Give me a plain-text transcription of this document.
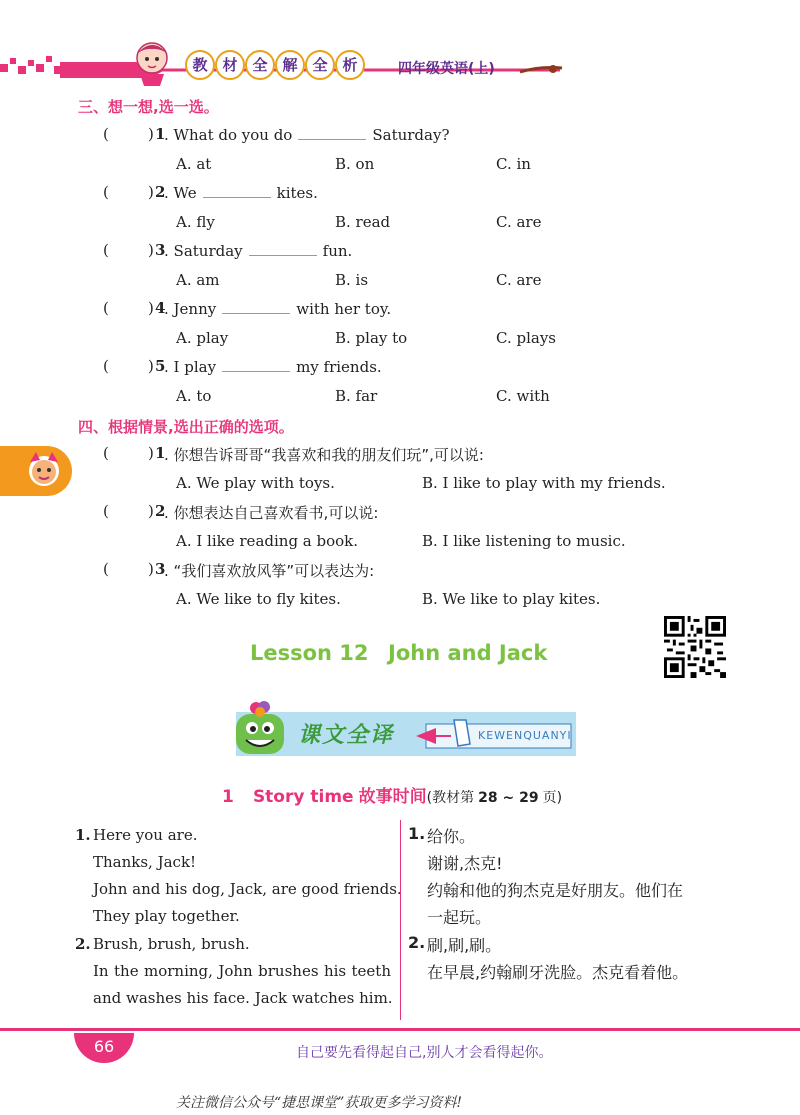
教 材 全 解 全 析	四年级英语(上)
三、想一想,选一选。
(	) 1
. What do you do	Saturday?
A. at	B. on	C. in
(	) 2
. We	kites.
A. fly	B. read	C. are
(	) 3
. Saturday	fun.
A. am	B. is	C. are
(	) 4
. Jenny	with her toy.
A. play	B. play to	C. plays
(	) 5
. I play	my friends.
A. to	B. far	C. with
四、根据情景,选出正确的选项。
(	) 1
. 你想告诉哥哥“我喜欢和我的朋友们玩”,可以说:
A. We play with toys.	B. I like to play with my friends.
(	) 2
. 你想表达自己喜欢看书,可以说:
A. I like reading a book.	B. I like listening to music.
(	) 3
. “我们喜欢放风筝”可以表达为:
A. We like to fly kites.	B. We like to play kites.
Lesson 12 John and Jack
课文全译	KEWENQUANYI
1 Story time 故事时间(教材第 28 ~ 29 页)
1. Here you are.
Thanks, Jack!
John and his dog, Jack, are good friends.
They play together.
2. Brush, brush, brush.
In the morning, John brushes his teeth
and washes his face. Jack watches him.
1. 给你。
谢谢,杰克!
约翰和他的狗杰克是好朋友。他们在
一起玩。
2. 刷,刷,刷。
在早晨,约翰刷牙洗脸。杰克看着他。
66	自己要先看得起自己,别人才会看得起你。
关注微信公众号“捷思课堂”获取更多学习资料!
